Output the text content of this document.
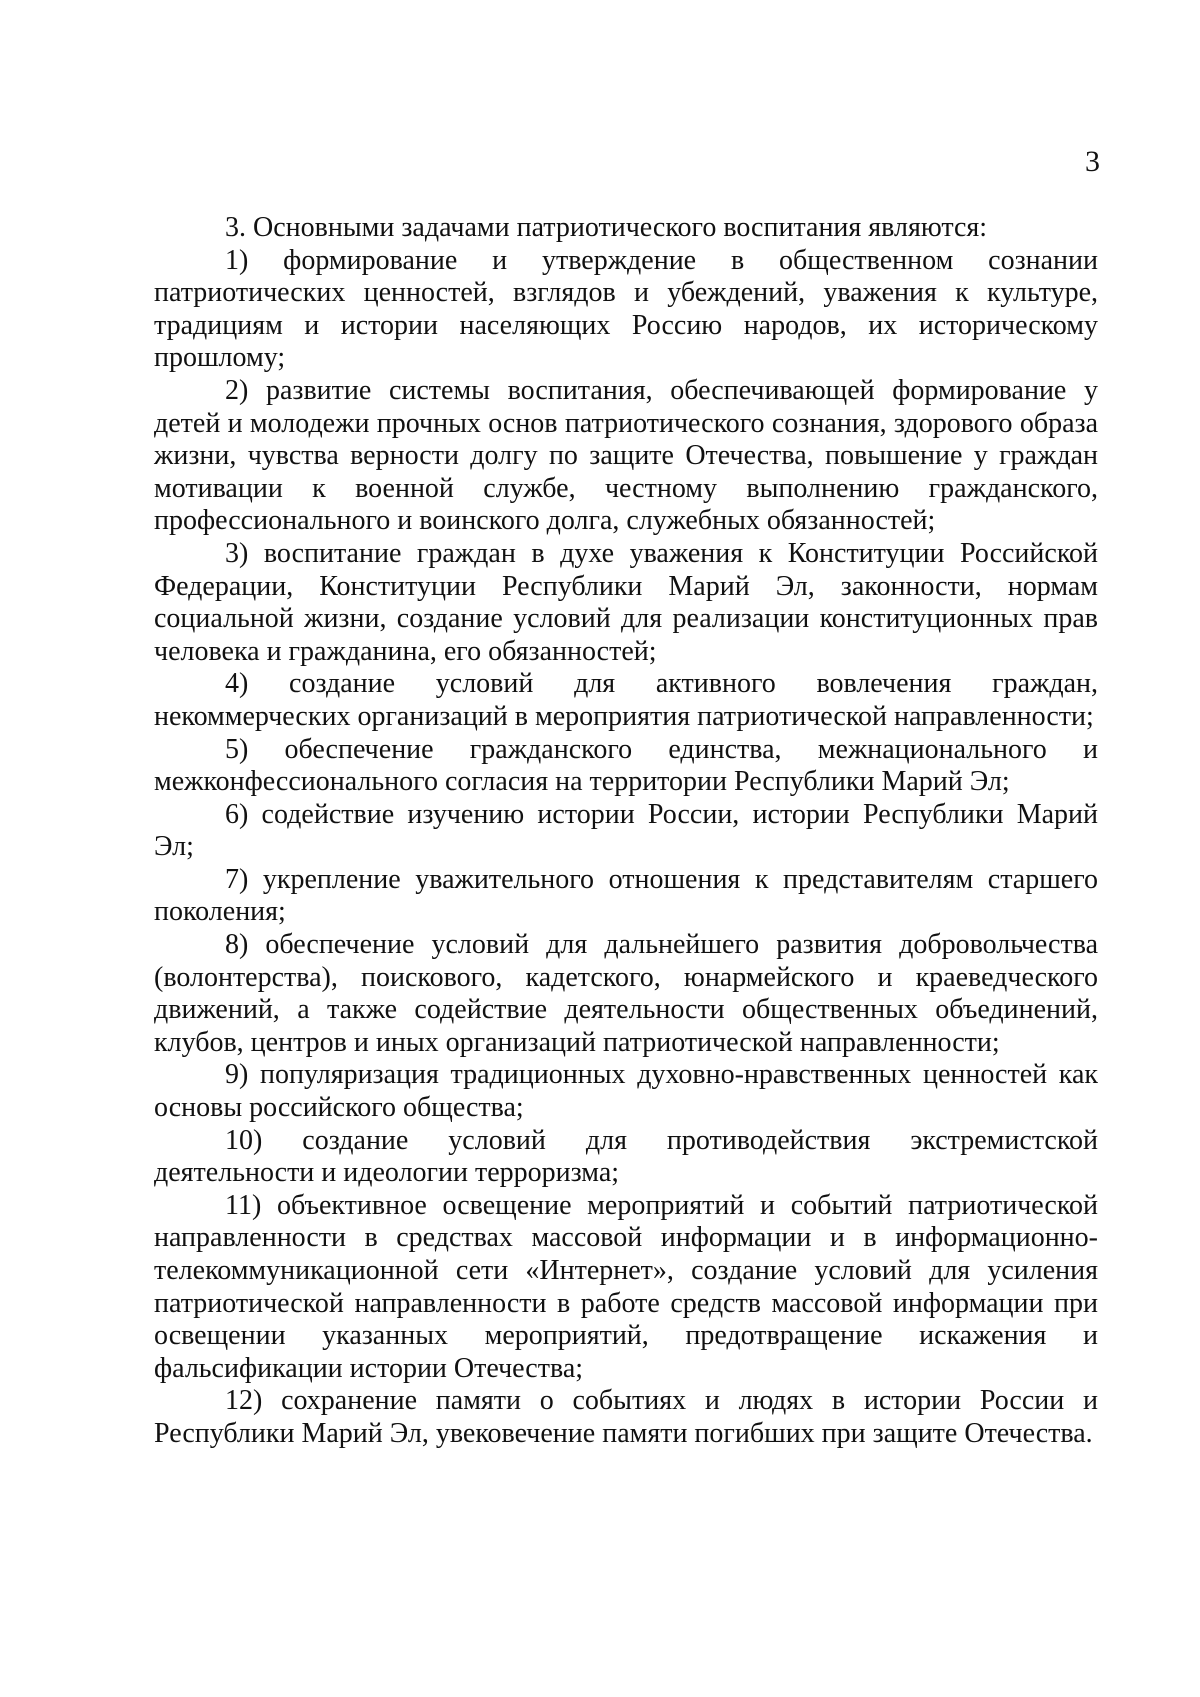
3

3. Основными задачами патриотического воспитания являются:

1) формирование и утверждение в общественном сознании патриотических ценностей, взглядов и убеждений, уважения к культуре, традициям и истории населяющих Россию народов, их историческому прошлому;

2) развитие системы воспитания, обеспечивающей формирование у детей и молодежи прочных основ патриотического сознания, здорового образа жизни, чувства верности долгу по защите Отечества, повышение у граждан мотивации к военной службе, честному выполнению гражданского, профессионального и воинского долга, служебных обязанностей;

3) воспитание граждан в духе уважения к Конституции Российской Федерации, Конституции Республики Марий Эл, законности, нормам социальной жизни, создание условий для реализации конституционных прав человека и гражданина, его обязанностей;

4) создание условий для активного вовлечения граждан, некоммерческих организаций в мероприятия патриотической направленности;

5) обеспечение гражданского единства, межнационального и межконфессионального согласия на территории Республики Марий Эл;

6) содействие изучению истории России, истории Республики Марий Эл;

7) укрепление уважительного отношения к представителям старшего поколения;

8) обеспечение условий для дальнейшего развития добровольчества (волонтерства), поискового, кадетского, юнармейского и краеведческого движений, а также содействие деятельности общественных объединений, клубов, центров и иных организаций патриотической направленности;

9) популяризация традиционных духовно-нравственных ценностей как основы российского общества;

10) создание условий для противодействия экстремистской деятельности и идеологии терроризма;

11) объективное освещение мероприятий и событий патриотической направленности в средствах массовой информации и в информационно-телекоммуникационной сети «Интернет», создание условий для усиления патриотической направленности в работе средств массовой информации при освещении указанных мероприятий, предотвращение искажения и фальсификации истории Отечества;

12) сохранение памяти о событиях и людях в истории России и Республики Марий Эл, увековечение памяти погибших при защите Отечества.
